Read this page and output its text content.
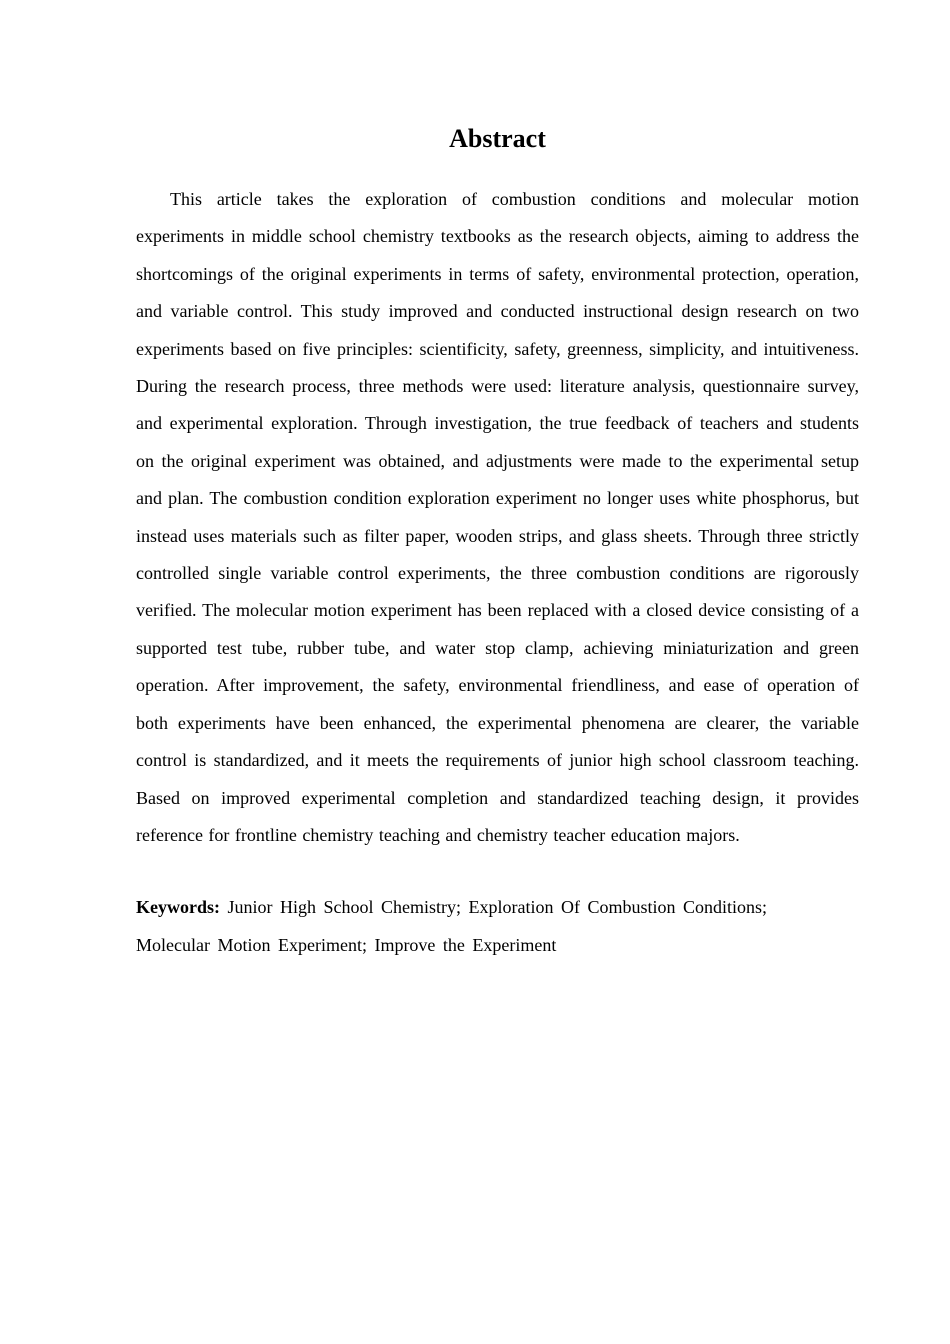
Abstract

This article takes the exploration of combustion conditions and molecular motion experiments in middle school chemistry textbooks as the research objects, aiming to address the shortcomings of the original experiments in terms of safety, environmental protection, operation, and variable control. This study improved and conducted instructional design research on two experiments based on five principles: scientificity, safety, greenness, simplicity, and intuitiveness. During the research process, three methods were used: literature analysis, questionnaire survey, and experimental exploration. Through investigation, the true feedback of teachers and students on the original experiment was obtained, and adjustments were made to the experimental setup and plan. The combustion condition exploration experiment no longer uses white phosphorus, but instead uses materials such as filter paper, wooden strips, and glass sheets. Through three strictly controlled single variable control experiments, the three combustion conditions are rigorously verified. The molecular motion experiment has been replaced with a closed device consisting of a supported test tube, rubber tube, and water stop clamp, achieving miniaturization and green operation. After improvement, the safety, environmental friendliness, and ease of operation of both experiments have been enhanced, the experimental phenomena are clearer, the variable control is standardized, and it meets the requirements of junior high school classroom teaching. Based on improved experimental completion and standardized teaching design, it provides reference for frontline chemistry teaching and chemistry teacher education majors.

Keywords: Junior High School Chemistry; Exploration Of Combustion Conditions; Molecular Motion Experiment; Improve the Experiment
